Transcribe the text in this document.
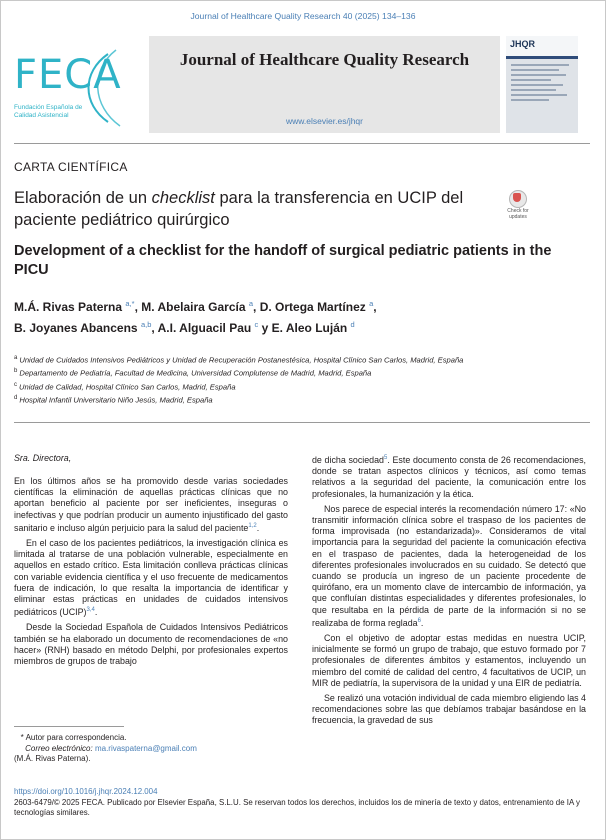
Journal of Healthcare Quality Research 40 (2025) 134–136
FECA
Fundación Española de Calidad Asistencial
Journal of Healthcare Quality Research
www.elsevier.es/jhqr
JHQR
CARTA CIENTÍFICA
Elaboración de un checklist para la transferencia en UCIP del paciente pediátrico quirúrgico	Check for updates
Development of a checklist for the handoff of surgical pediatric patients in the PICU
M.Á. Rivas Paterna $^{a,*}$, M. Abelaira García $^a$, D. Ortega Martínez $^a$,
B. Joyanes Abancens $^{a,b}$, A.I. Alguacil Pau $^c$ y E. Aleo Luján $^d$
$^a$ Unidad de Cuidados Intensivos Pediátricos y Unidad de Recuperación Postanestésica, Hospital Clínico San Carlos, Madrid, España
$^b$ Departamento de Pediatría, Facultad de Medicina, Universidad Complutense de Madrid, Madrid, España
$^c$ Unidad de Calidad, Hospital Clínico San Carlos, Madrid, España
$^d$ Hospital Infantil Universitario Niño Jesús, Madrid, España
Sra. Directora,

En los últimos años se ha promovido desde varias sociedades científicas la eliminación de aquellas prácticas clínicas que no aportan beneficio al paciente por ser ineficientes, inseguras o inefectivas y que podrían producir un aumento injustificado del gasto sanitario e incluso algún perjuicio para la salud del paciente$^{1,2}$.

En el caso de los pacientes pediátricos, la investigación clínica es limitada al tratarse de una población vulnerable, especialmente en aquellos en estado crítico. Esta limitación conlleva prácticas clínicas con variable evidencia científica y el uso frecuente de medicamentos fuera de indicación, lo que resalta la importancia de identificar y eliminar estas prácticas en unidades de cuidados intensivos pediátricos (UCIP)$^{3,4}$.

Desde la Sociedad Española de Cuidados Intensivos Pediátricos también se ha elaborado un documento de recomendaciones de «no hacer» (RNH) basado en método Delphi, por profesionales expertos miembros de grupos de trabajo

de dicha sociedad$^5$. Este documento consta de 26 recomendaciones, donde se tratan aspectos clínicos y técnicos, así como temas relativos a la seguridad del paciente, la comunicación entre los profesionales, la humanización y la ética.

Nos parece de especial interés la recomendación número 17: «No transmitir información clínica sobre el traspaso de los pacientes de forma improvisada (no estandarizada)». Consideramos de vital importancia para la seguridad del paciente la comunicación efectiva en el traspaso de pacientes, dada la heterogeneidad de los diferentes profesionales involucrados en su cuidado. Se detectó que cuando se producía un ingreso de un paciente procedente de quirófano, era un momento clave de intercambio de información, ya que confluían distintas especialidades y diferentes profesionales, lo que resultaba en la pérdida de parte de la información si no se realizaba de forma reglada$^6$.

Con el objetivo de adoptar estas medidas en nuestra UCIP, inicialmente se formó un grupo de trabajo, que estuvo formado por 7 profesionales de diferentes ámbitos y estamentos, incluyendo un miembro del comité de calidad del centro, 4 facultativos de UCIP, un MIR de pediatría, la supervisora de la unidad y una EIR de pediatría.

Se realizó una votación individual de cada miembro eligiendo las 4 recomendaciones sobre las que debíamos trabajar basándose en la frecuencia, la gravedad de sus

* Autor para correspondencia.
Correo electrónico: ma.rivaspaterna@gmail.com
(M.Á. Rivas Paterna).
https://doi.org/10.1016/j.jhqr.2024.12.004
2603-6479/© 2025 FECA. Publicado por Elsevier España, S.L.U. Se reservan todos los derechos, incluidos los de minería de texto y datos, entrenamiento de IA y tecnologías similares.
